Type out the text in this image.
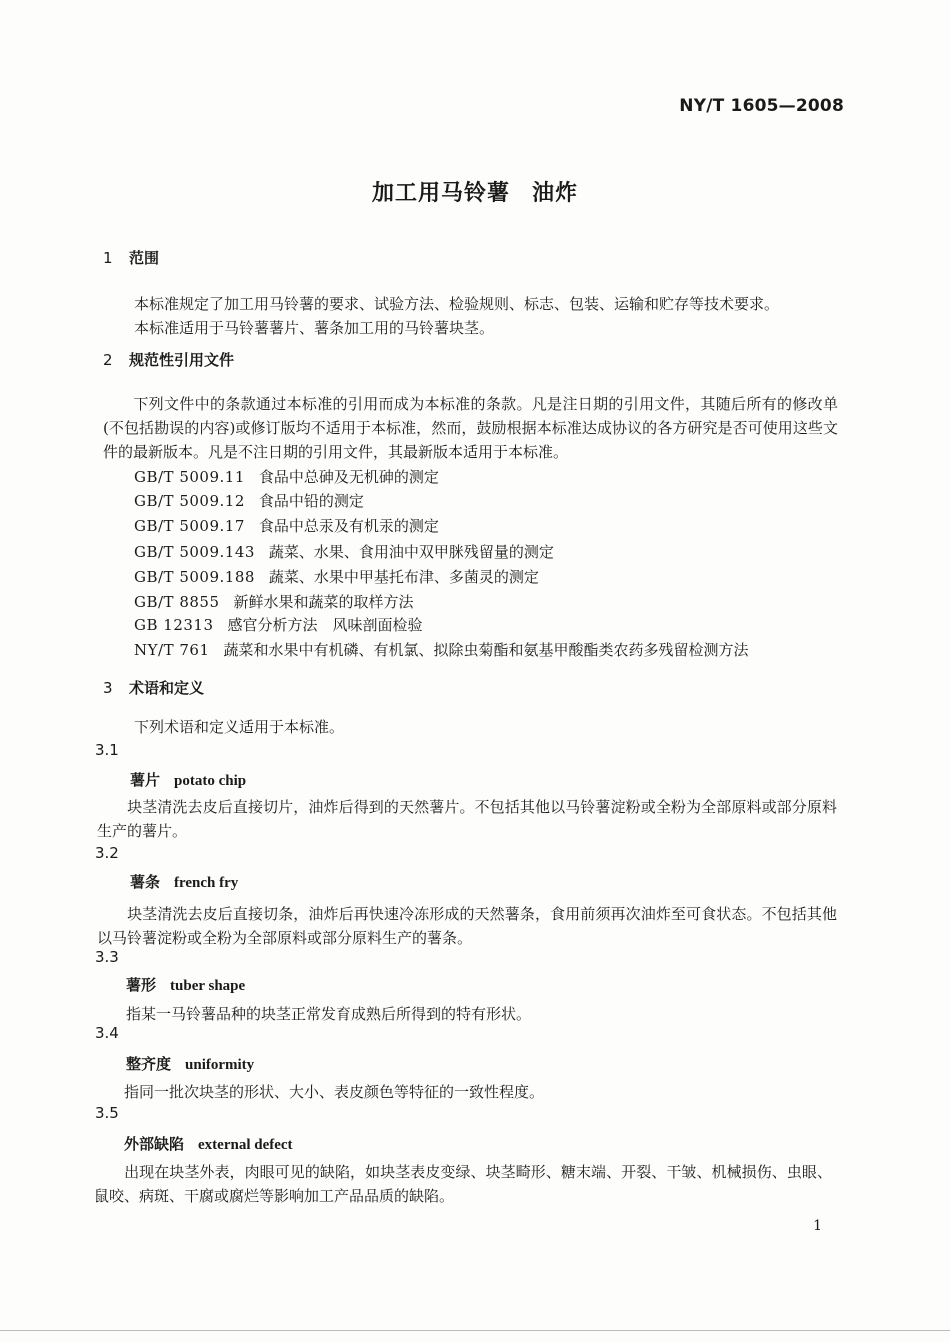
NY/T 1605—2008
加工用马铃薯 油炸
1 范围
本标准规定了加工用马铃薯的要求、试验方法、检验规则、标志、包装、运输和贮存等技术要求。
本标准适用于马铃薯薯片、薯条加工用的马铃薯块茎。
2 规范性引用文件
下列文件中的条款通过本标准的引用而成为本标准的条款。凡是注日期的引用文件，其随后所有的修改单(不包括勘误的内容)或修订版均不适用于本标准，然而，鼓励根据本标准达成协议的各方研究是否可使用这些文件的最新版本。凡是不注日期的引用文件，其最新版本适用于本标准。
GB/T 5009.11 食品中总砷及无机砷的测定
GB/T 5009.12 食品中铅的测定
GB/T 5009.17 食品中总汞及有机汞的测定
GB/T 5009.143 蔬菜、水果、食用油中双甲脒残留量的测定
GB/T 5009.188 蔬菜、水果中甲基托布津、多菌灵的测定
GB/T 8855 新鲜水果和蔬菜的取样方法
GB 12313 感官分析方法　风味剖面检验
NY/T 761 蔬菜和水果中有机磷、有机氯、拟除虫菊酯和氨基甲酸酯类农药多残留检测方法
3 术语和定义
下列术语和定义适用于本标准。
3.1
薯片 potato chip
块茎清洗去皮后直接切片，油炸后得到的天然薯片。不包括其他以马铃薯淀粉或全粉为全部原料或部分原料生产的薯片。
3.2
薯条 french fry
块茎清洗去皮后直接切条，油炸后再快速冷冻形成的天然薯条，食用前须再次油炸至可食状态。不包括其他以马铃薯淀粉或全粉为全部原料或部分原料生产的薯条。
3.3
薯形 tuber shape
指某一马铃薯品种的块茎正常发育成熟后所得到的特有形状。
3.4
整齐度 uniformity
指同一批次块茎的形状、大小、表皮颜色等特征的一致性程度。
3.5
外部缺陷 external defect
出现在块茎外表，肉眼可见的缺陷，如块茎表皮变绿、块茎畸形、糖末端、开裂、干皱、机械损伤、虫眼、鼠咬、病斑、干腐或腐烂等影响加工产品品质的缺陷。
1
